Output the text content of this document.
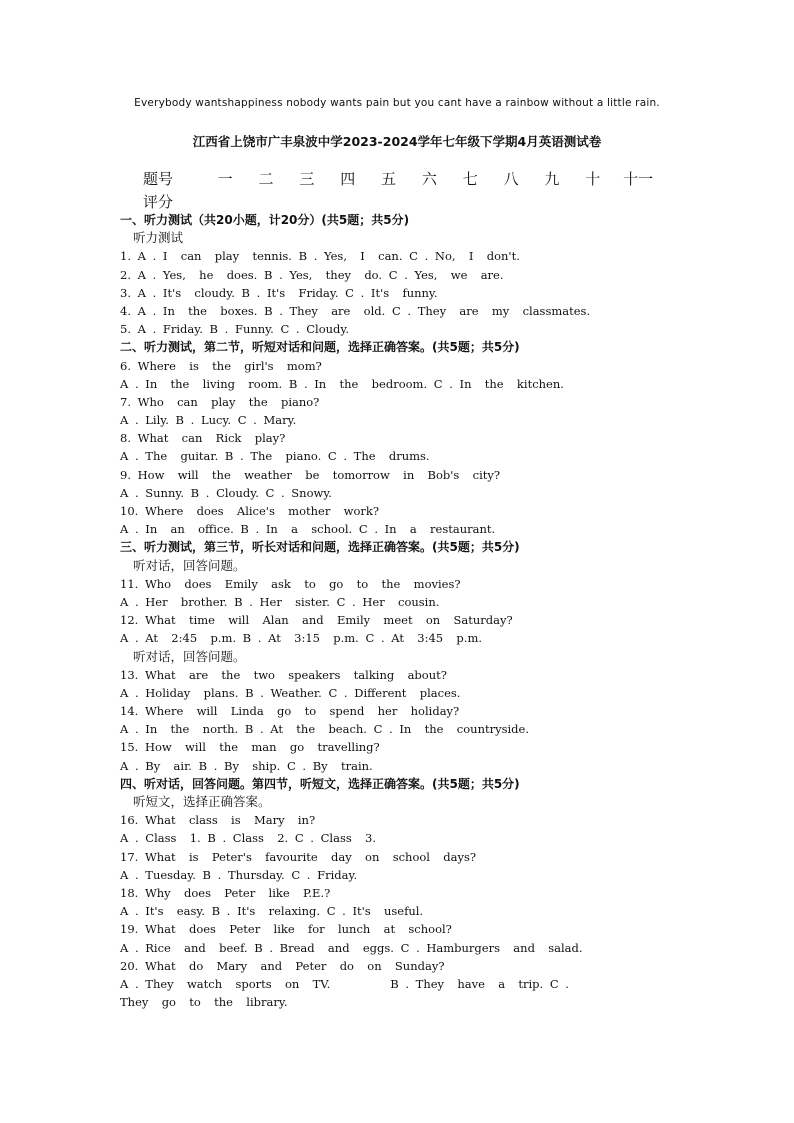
Everybody wantshappiness nobody wants pain but you cant have a rainbow without a little rain.
江西省上饶市广丰泉波中学2023-2024学年七年级下学期4月英语测试卷
题号	一	二	三	四	五	六	七	八	九	十	十一
评分
一、听力测试（共20小题，计20分）(共5题；共5分)
听力测试
1. A . I  can  play  tennis. B . Yes,  I  can. C . No,  I  don't.
2. A . Yes,  he  does. B . Yes,  they  do. C . Yes,  we  are.
3. A . It's  cloudy. B . It's  Friday. C . It's  funny.
4. A . In  the  boxes. B . They  are  old. C . They  are  my  classmates.
5. A . Friday. B . Funny. C . Cloudy.
二、听力测试，第二节，听短对话和问题，选择正确答案。(共5题；共5分)
6. Where  is  the  girl's  mom?
A . In  the  living  room. B . In  the  bedroom. C . In  the  kitchen.
7. Who  can  play  the  piano?
A . Lily. B . Lucy. C . Mary.
8. What  can  Rick  play?
A . The  guitar. B . The  piano. C . The  drums.
9. How  will  the  weather  be  tomorrow  in  Bob's  city?
A . Sunny. B . Cloudy. C . Snowy.
10. Where  does  Alice's  mother  work?
A . In  an  office. B . In  a  school. C . In  a  restaurant.
三、听力测试，第三节，听长对话和问题，选择正确答案。(共5题；共5分)
听对话，回答问题。
11. Who  does  Emily  ask  to  go  to  the  movies?
A . Her  brother. B . Her  sister. C . Her  cousin.
12. What  time  will  Alan  and  Emily  meet  on  Saturday?
A . At  2:45  p.m. B . At  3:15  p.m. C . At  3:45  p.m.
听对话，回答问题。
13. What  are  the  two  speakers  talking  about?
A . Holiday  plans. B . Weather. C . Different  places.
14. Where  will  Linda  go  to  spend  her  holiday?
A . In  the  north. B . At  the  beach. C . In  the  countryside.
15. How  will  the  man  go  travelling?
A . By  air. B . By  ship. C . By  train.
四、听对话，回答问题。第四节，听短文，选择正确答案。(共5题；共5分)
听短文，选择正确答案。
16. What  class  is  Mary  in?
A . Class  1. B . Class  2. C . Class  3.
17. What  is  Peter's  favourite  day  on  school  days?
A . Tuesday. B . Thursday. C . Friday.
18. Why  does  Peter  like  P.E.?
A . It's  easy. B . It's  relaxing. C . It's  useful.
19. What  does  Peter  like  for  lunch  at  school?
A . Rice  and  beef. B . Bread  and  eggs. C . Hamburgers  and  salad.
20. What  do  Mary  and  Peter  do  on  Sunday?
A . They  watch  sports  on  TV.	B . They  have  a  trip. C .
They  go  to  the  library.
